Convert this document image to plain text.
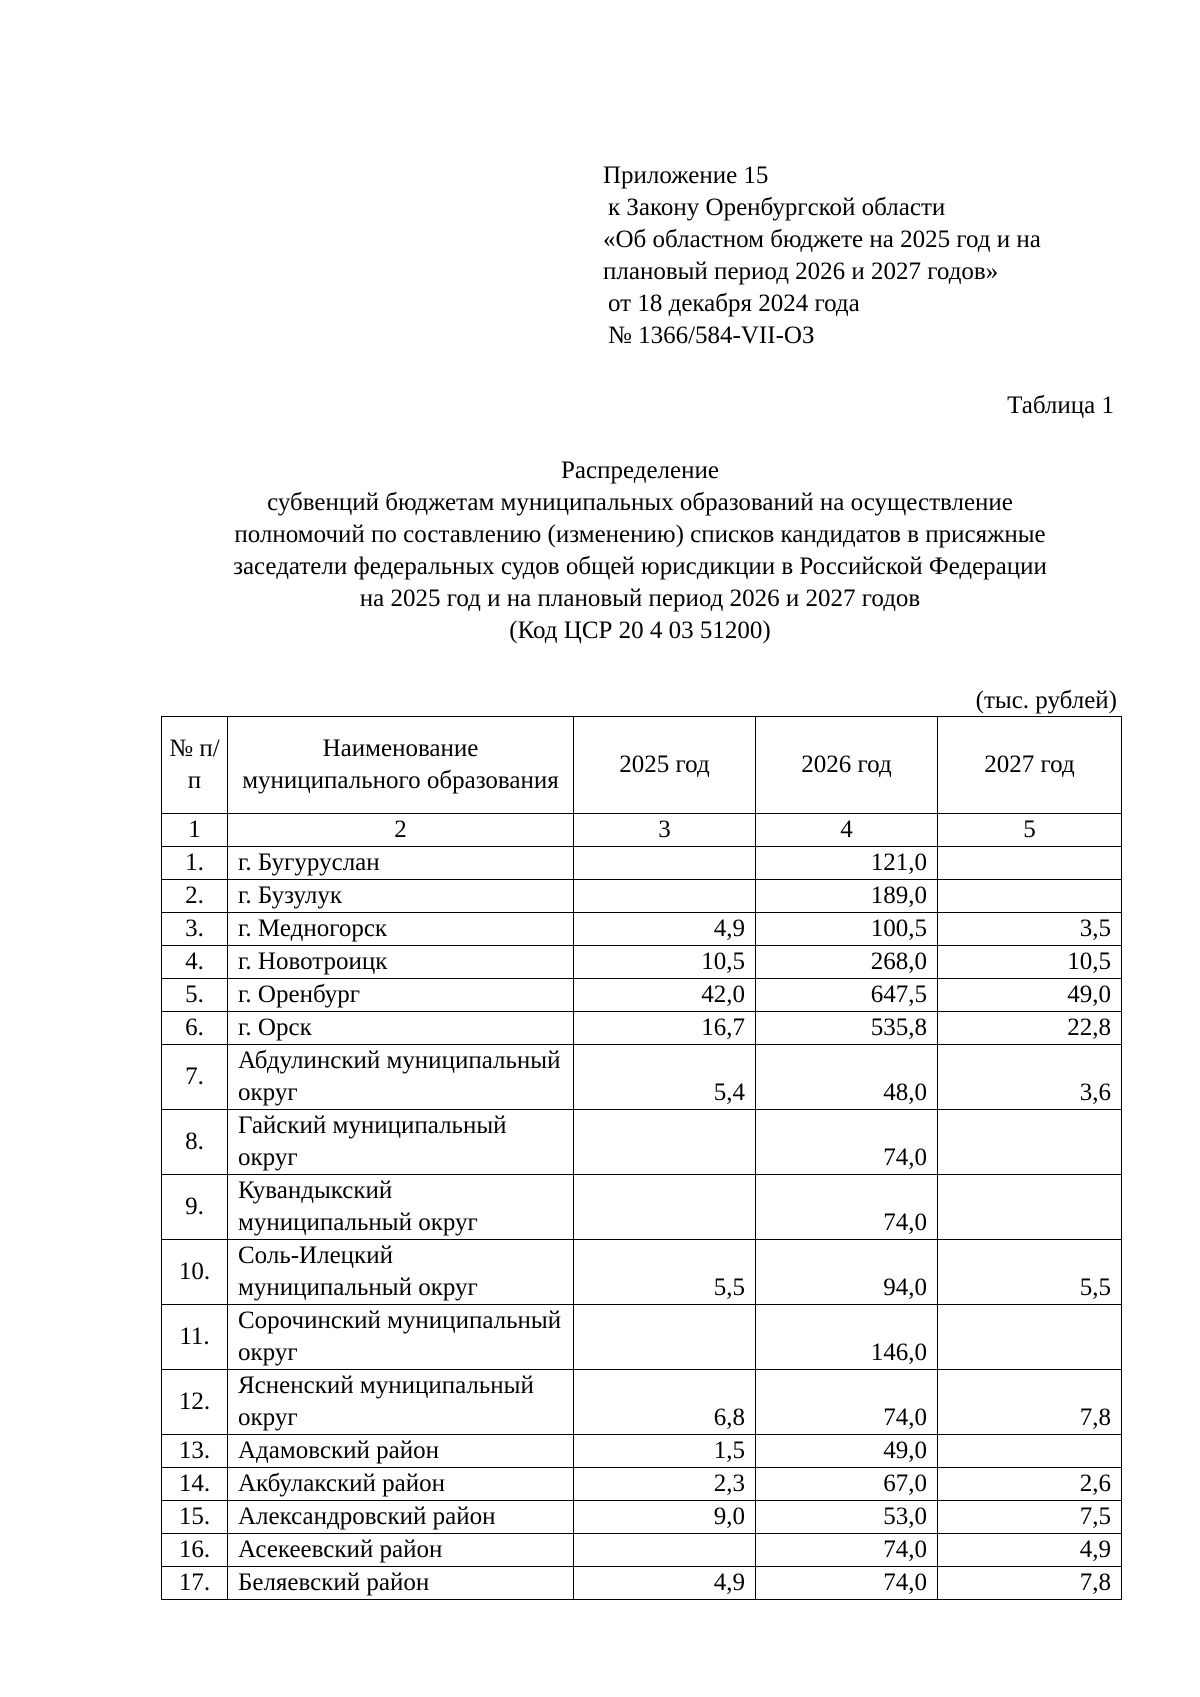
Приложение 15
к Закону Оренбургской области
«Об областном бюджете на 2025 год и на
плановый период 2026 и 2027 годов»
от 18 декабря 2024 года
№ 1366/584-VII-ОЗ
Таблица 1
Распределение
субвенций бюджетам муниципальных образований на осуществление
полномочий по составлению (изменению) списков кандидатов в присяжные
заседатели федеральных судов общей юрисдикции в Российской Федерации
на 2025 год и на плановый период 2026 и 2027 годов
(Код ЦСР 20 4 03 51200)
(тыс. рублей)
№ п/п	Наименование муниципального образования	2025 год	2026 год	2027 год
1	2	3	4	5
1.	г. Бугуруслан		121,0	
2.	г. Бузулук		189,0	
3.	г. Медногорск	4,9	100,5	3,5
4.	г. Новотроицк	10,5	268,0	10,5
5.	г. Оренбург	42,0	647,5	49,0
6.	г. Орск	16,7	535,8	22,8
7.	Абдулинский муниципальный округ	5,4	48,0	3,6
8.	Гайский муниципальный округ		74,0	
9.	Кувандыкский муниципальный округ		74,0	
10.	Соль-Илецкий муниципальный округ	5,5	94,0	5,5
11.	Сорочинский муниципальный округ		146,0	
12.	Ясненский муниципальный округ	6,8	74,0	7,8
13.	Адамовский район	1,5	49,0	
14.	Акбулакский район	2,3	67,0	2,6
15.	Александровский район	9,0	53,0	7,5
16.	Асекеевский район		74,0	4,9
17.	Беляевский район	4,9	74,0	7,8
